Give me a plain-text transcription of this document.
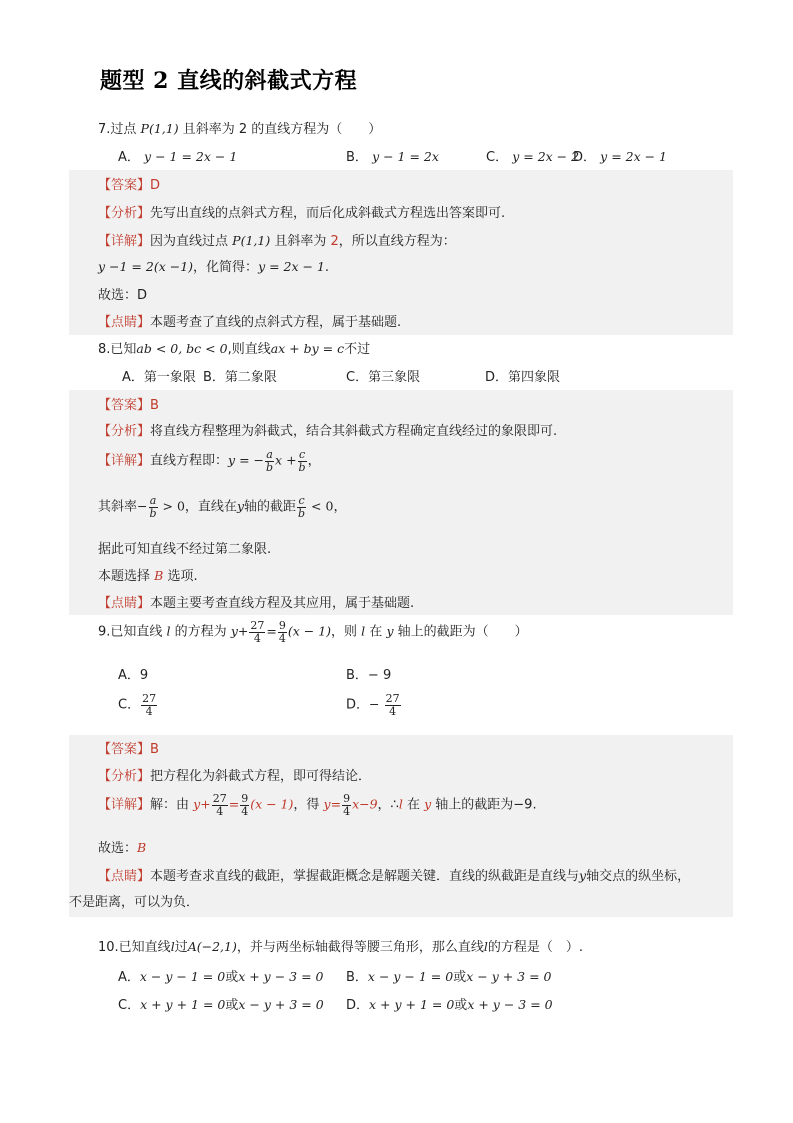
题型 2 直线的斜截式方程
7.过点 P(1,1) 且斜率为 2 的直线方程为（　　）
A． y − 1 = 2x − 1	B． y − 1 = 2x	C． y = 2x − 2
D． y = 2x − 1
【答案】D
【分析】先写出直线的点斜式方程，而后化成斜截式方程选出答案即可.
【详解】因为直线过点 P(1,1) 且斜率为 2，所以直线方程为：
y −1 = 2(x −1)，化简得：y = 2x − 1.
故选：D
【点睛】本题考查了直线的点斜式方程，属于基础题.
8.已知ab < 0, bc < 0,则直线ax + by = c不过
A．第一象限 B．第二象限	C．第三象限	D．第四象限
【答案】B
【分析】将直线方程整理为斜截式，结合其斜截式方程确定直线经过的象限即可.
【详解】直线方程即：y = − $\frac{a}{b}$ $x + \frac{c}{b}$ ，
其斜率− $\frac{a}{b} > 0$，直线在y轴的截距 $\frac{c}{b} < 0$，
据此可知直线不经过第二象限.
本题选择 B 选项.
【点睛】本题主要考查直线方程及其应用，属于基础题.
9.已知直线 l 的方程为 $y+ \frac{27}{4} = \frac{9}{4} (x - 1)$，则 l 在 y 轴上的截距为（　　）
A．9	B．− 9
C． $\frac{27}{4}$	D．− $\frac{27}{4}$
【答案】B
【分析】把方程化为斜截式方程，即可得结论．
【详解】解：由 $y+ \frac{27}{4} = \frac{9}{4} (x - 1)$，得 $y= \frac{9}{4} x-9$，∴l 在 y 轴上的截距为−9.
故选：B
【点睛】本题考查求直线的截距，掌握截距概念是解题关键．直线的纵截距是直线与y轴交点的纵坐标，
不是距离，可以为负．
10.已知直线l过A(−2,1)，并与两坐标轴截得等腰三角形，那么直线l的方程是（　）.
A．x − y − 1 = 0或x + y − 3 = 0 B．x − y − 1 = 0或x − y + 3 = 0
C．x + y + 1 = 0或x − y + 3 = 0 D．x + y + 1 = 0或x + y − 3 = 0
